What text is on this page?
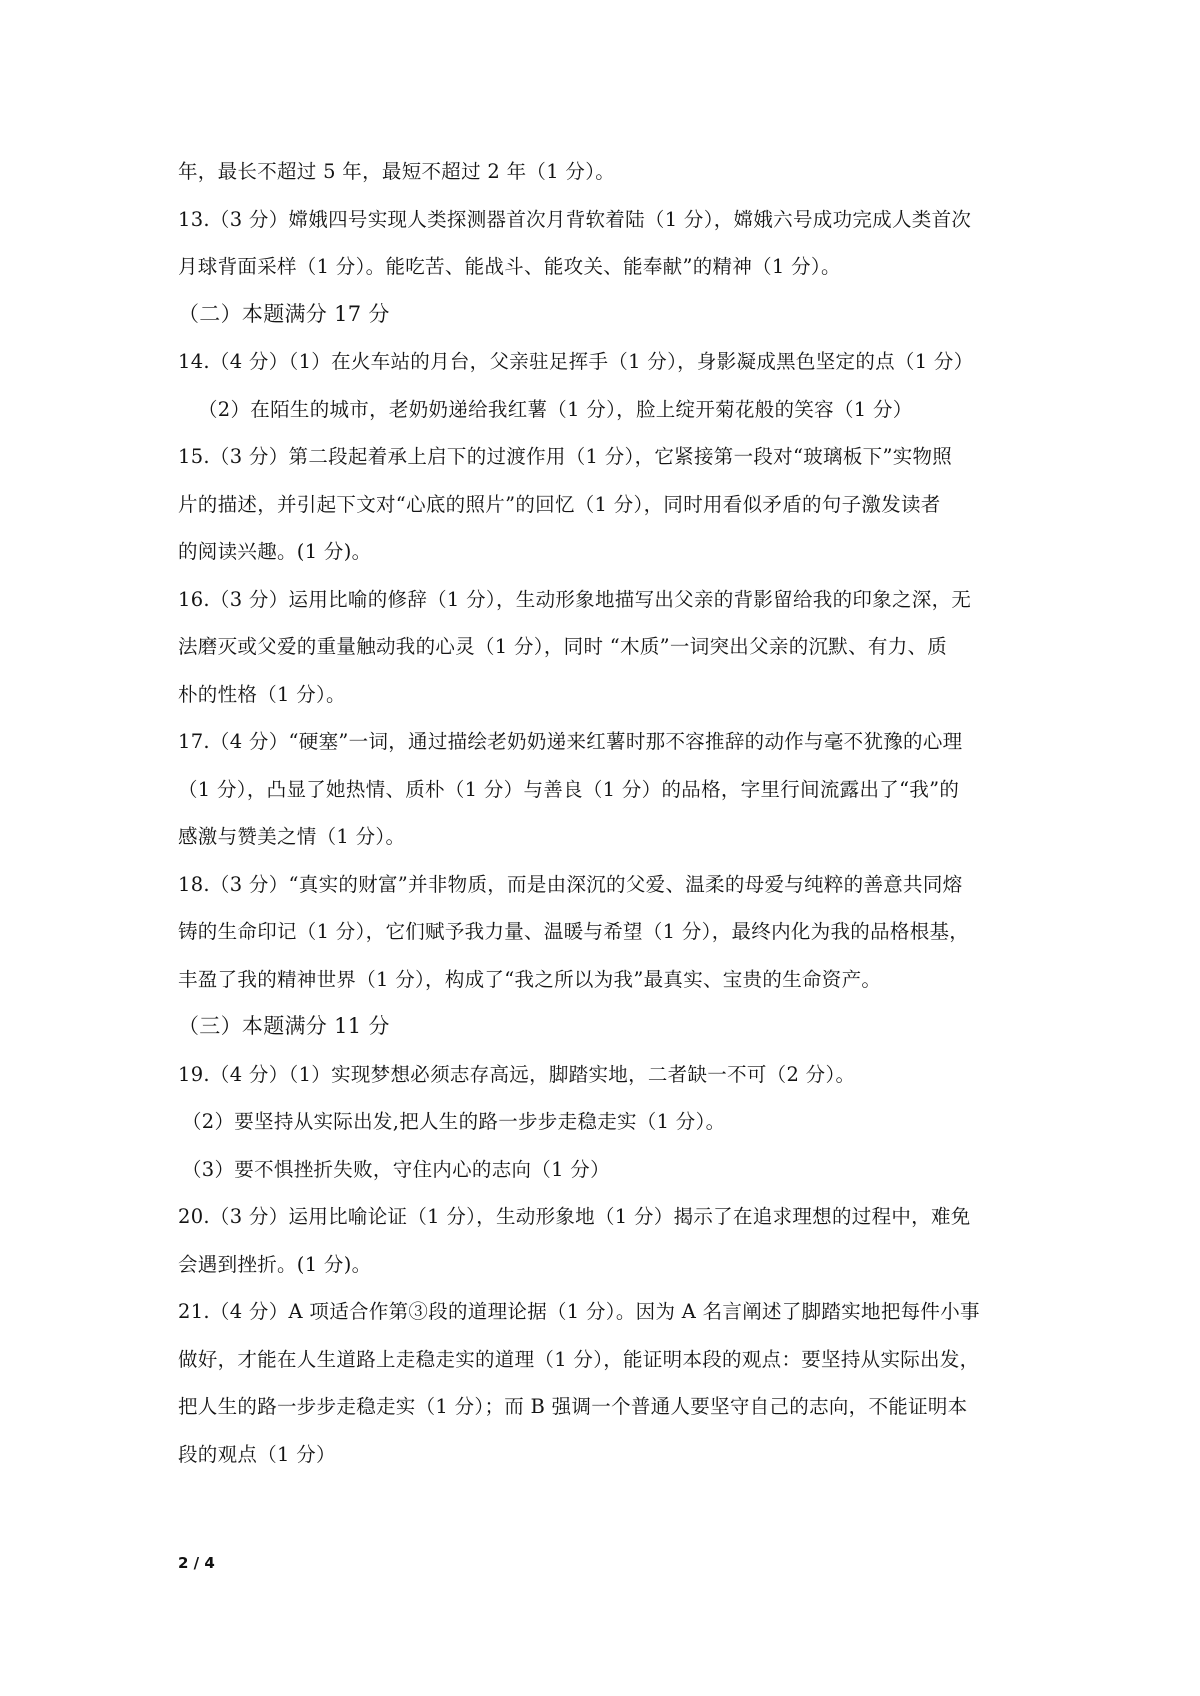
年，最长不超过 5 年，最短不超过 2 年（1 分）。
13.（3 分）嫦娥四号实现人类探测器首次月背软着陆（1 分），嫦娥六号成功完成人类首次
月球背面采样（1 分）。能吃苦、能战斗、能攻关、能奉献”的精神（1 分）。
（二）本题满分 17 分
14.（4 分）（1）在火车站的月台，父亲驻足挥手（1 分），身影凝成黑色坚定的点（1 分）
（2）在陌生的城市，老奶奶递给我红薯（1 分），脸上绽开菊花般的笑容（1 分）
15.（3 分）第二段起着承上启下的过渡作用（1 分），它紧接第一段对“玻璃板下”实物照
片的描述，并引起下文对“心底的照片”的回忆（1 分），同时用看似矛盾的句子激发读者
的阅读兴趣。(1 分)。
16.（3 分）运用比喻的修辞（1 分），生动形象地描写出父亲的背影留给我的印象之深，无
法磨灭或父爱的重量触动我的心灵（1 分），同时 “木质”一词突出父亲的沉默、有力、质
朴的性格（1 分）。
17.（4 分）“硬塞”一词，通过描绘老奶奶递来红薯时那不容推辞的动作与毫不犹豫的心理
（1 分），凸显了她热情、质朴（1 分）与善良（1 分）的品格，字里行间流露出了“我”的
感激与赞美之情（1 分）。
18.（3 分）“真实的财富”并非物质，而是由深沉的父爱、温柔的母爱与纯粹的善意共同熔
铸的生命印记（1 分），它们赋予我力量、温暖与希望（1 分），最终内化为我的品格根基，
丰盈了我的精神世界（1 分），构成了“我之所以为我”最真实、宝贵的生命资产。
（三）本题满分 11 分
19.（4 分）（1）实现梦想必须志存高远，脚踏实地，二者缺一不可（2 分）。
（2）要坚持从实际出发,把人生的路一步步走稳走实（1 分）。
（3）要不惧挫折失败，守住内心的志向（1 分）
20.（3 分）运用比喻论证（1 分），生动形象地（1 分）揭示了在追求理想的过程中，难免
会遇到挫折。(1 分)。
21.（4 分）A 项适合作第③段的道理论据（1 分）。因为 A 名言阐述了脚踏实地把每件小事
做好，才能在人生道路上走稳走实的道理（1 分），能证明本段的观点：要坚持从实际出发，
把人生的路一步步走稳走实（1 分）；而 B 强调一个普通人要坚守自己的志向，不能证明本
段的观点（1 分）
2 / 4
